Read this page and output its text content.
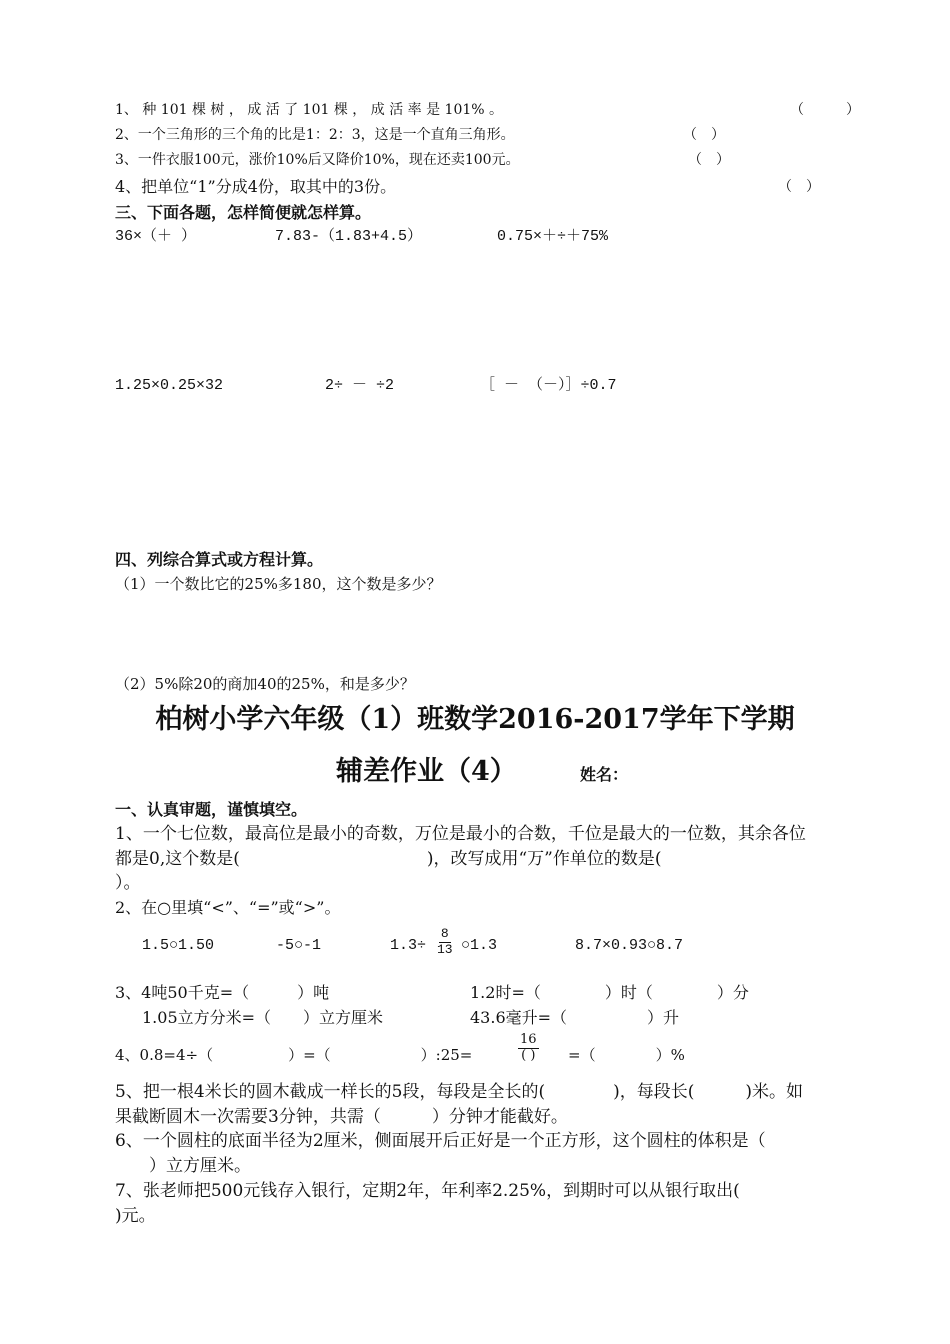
1、 种 101 棵 树 ， 成 活 了 101 棵 ， 成 活 率 是 101% 。	（　　　）
2、一个三角形的三个角的比是1：2：3，这是一个直角三角形。	（　）
3、一件衣服100元，涨价10%后又降价10%，现在还卖100元。	（　）
4、把单位“1”分成4份，取其中的3份。	（　）
三、下面各题，怎样简便就怎样算。
36×（＋ ）	7.83-（1.83+4.5）	0.75×＋÷＋75%
1.25×0.25×32	2÷ － ÷2	［ － （－）］÷0.7
四、列综合算式或方程计算。
（1）一个数比它的25%多180，这个数是多少？
（2）5%除20的商加40的25%，和是多少？
柏树小学六年级（1）班数学2016-2017学年下学期
辅差作业（4）	姓名：
一、认真审题，谨慎填空。
1、一个七位数，最高位是最小的奇数，万位是最小的合数，千位是最大的一位数，其余各位
都是0,这个数是(　　　　　　　　　　　)，改写成用“万”作单位的数是(
）。
2、在○里填“<”、“=”或“>”。
1.5○1.50	-5○-1	$1.3\div \frac{8}{13}$ ○1.3	8.7×0.93○8.7
3、4吨50千克=（　　　）吨	1.2时=（　　　　）时（　　　　）分
1.05立方分米=（　　）立方厘米	43.6毫升=（　　　　　）升
4、0.8=4÷（　　　　　）=（　　　　　　）:25=
16
( ) =（　　　　）%
5、把一根4米长的圆木截成一样长的5段，每段是全长的(　　　　)，每段长(　　　)米。如
果截断圆木一次需要3分钟，共需（　　　）分钟才能截好。
6、一个圆柱的底面半径为2厘米，侧面展开后正好是一个正方形，这个圆柱的体积是（
　　）立方厘米。
7、张老师把500元钱存入银行，定期2年，年利率2.25%，到期时可以从银行取出(
)元。
